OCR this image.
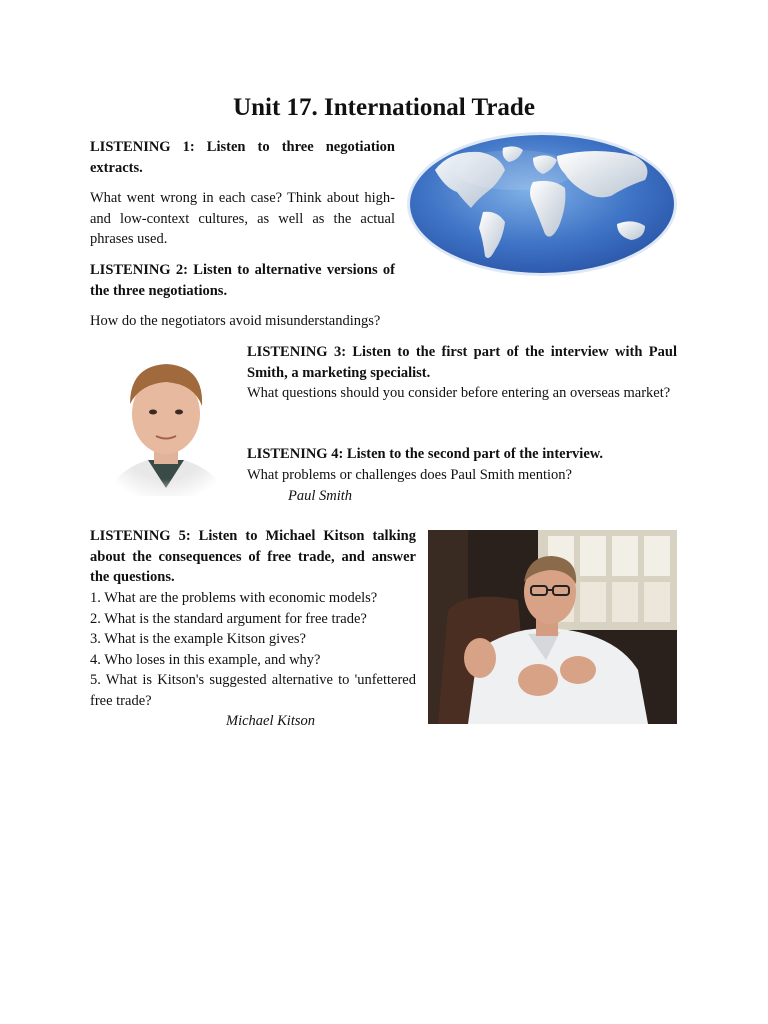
Unit 17. International Trade
LISTENING 1: Listen to three negotiation extracts.
What went wrong in each case? Think about high- and low-context cultures, as well as the actual phrases used.
LISTENING 2: Listen to alternative versions of the three negotiations.
How do the negotiators avoid misunderstandings?
LISTENING 3: Listen to the first part of the interview with Paul Smith, a marketing specialist.
What questions should you consider before entering an overseas market?
LISTENING 4: Listen to the second part of the interview.
What problems or challenges does Paul Smith mention?
Paul Smith
LISTENING 5: Listen to Michael Kitson talking about the consequences of free trade, and answer the questions.
1. What are the problems with economic models?
2. What is the standard argument for free trade?
3. What is the example Kitson gives?
4. Who loses in this example, and why?
5. What is Kitson's suggested alternative to 'unfettered free trade?
Michael Kitson
